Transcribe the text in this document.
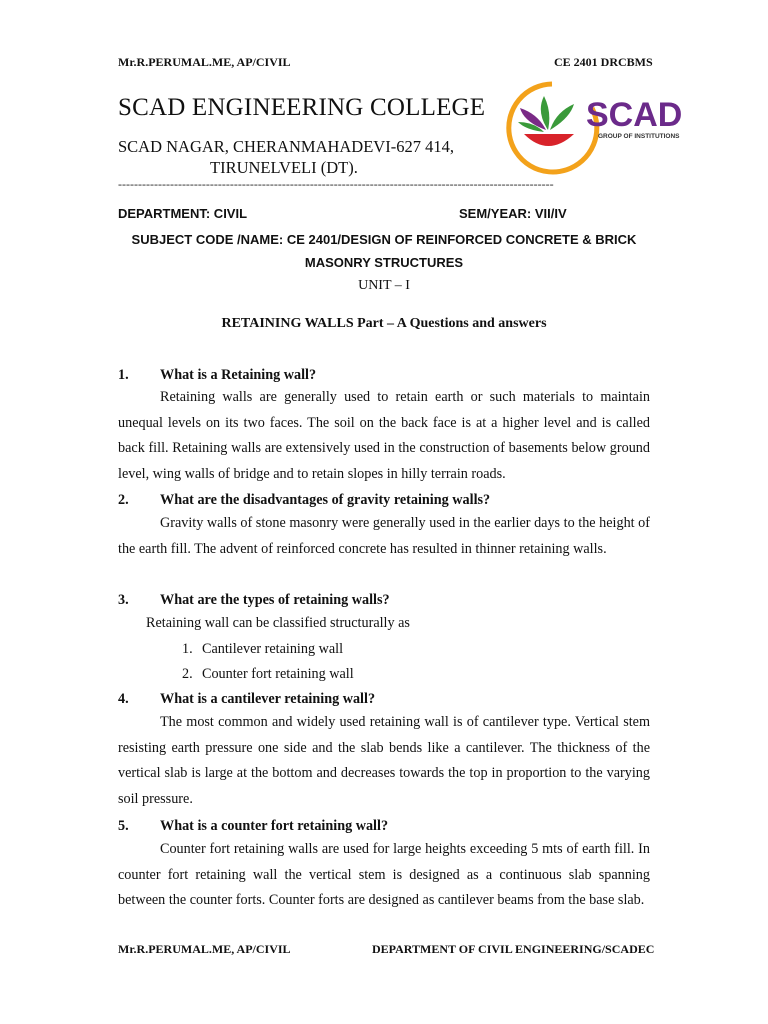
Mr.R.PERUMAL.ME, AP/CIVIL	CE 2401 DRCBMS
SCAD ENGINEERING COLLEGE
SCAD NAGAR, CHERANMAHADEVI-627 414,
TIRUNELVELI (DT).
-------------------------------------------------------------------------------------------------------------
SCAD
GROUP OF INSTITUTIONS
DEPARTMENT: CIVIL	SEM/YEAR: VII/IV
SUBJECT CODE /NAME: CE 2401/DESIGN OF REINFORCED CONCRETE & BRICK
MASONRY STRUCTURES
UNIT – I
RETAINING WALLS Part – A Questions and answers
1. What is a Retaining wall?
Retaining walls are generally used to retain earth or such materials to maintain unequal levels on its two faces. The soil on the back face is at a higher level and is called back fill. Retaining walls are extensively used in the construction of basements below ground level, wing walls of bridge and to retain slopes in hilly terrain roads.
2. What are the disadvantages of gravity retaining walls?
Gravity walls of stone masonry were generally used in the earlier days to the height of the earth fill. The advent of reinforced concrete has resulted in thinner retaining walls.
3. What are the types of retaining walls?
Retaining wall can be classified structurally as
1. Cantilever retaining wall
2. Counter fort retaining wall
4. What is a cantilever retaining wall?
The most common and widely used retaining wall is of cantilever type. Vertical stem resisting earth pressure one side and the slab bends like a cantilever. The thickness of the vertical slab is large at the bottom and decreases towards the top in proportion to the varying soil pressure.
5. What is a counter fort retaining wall?
Counter fort retaining walls are used for large heights exceeding 5 mts of earth fill. In counter fort retaining wall the vertical stem is designed as a continuous slab spanning between the counter forts. Counter forts are designed as cantilever beams from the base slab.
Mr.R.PERUMAL.ME, AP/CIVIL	DEPARTMENT OF CIVIL ENGINEERING/SCADEC
